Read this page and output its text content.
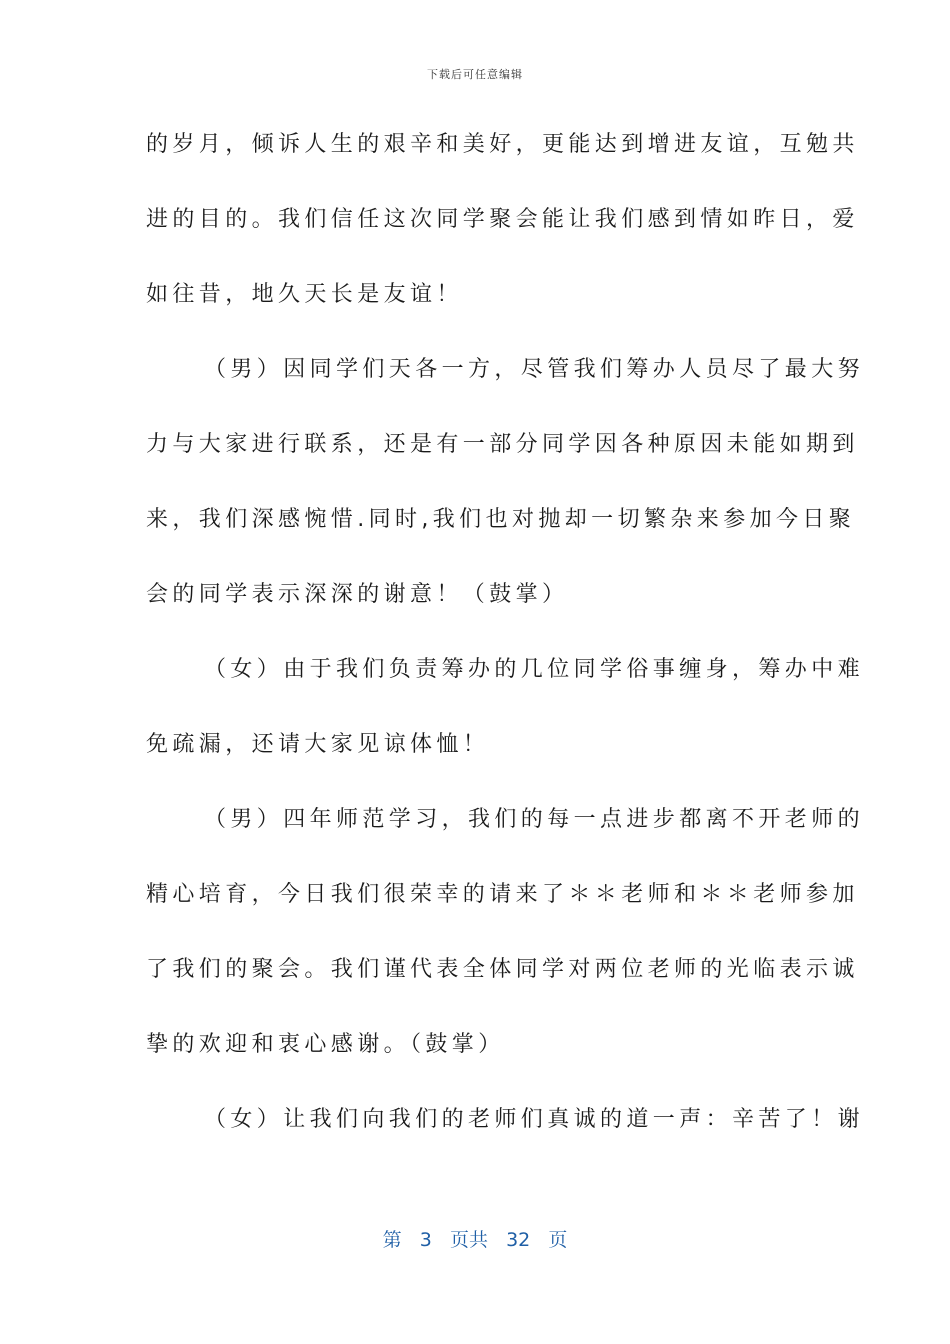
下载后可任意编辑
的岁月，倾诉人生的艰辛和美好，更能达到增进友谊，互勉共
进的目的。我们信任这次同学聚会能让我们感到情如昨日，爱
如往昔，地久天长是友谊！
（男）因同学们天各一方，尽管我们筹办人员尽了最大努
力与大家进行联系，还是有一部分同学因各种原因未能如期到
来，我们深感惋惜.同时,我们也对抛却一切繁杂来参加今日聚
会的同学表示深深的谢意！（鼓掌）
（女）由于我们负责筹办的几位同学俗事缠身，筹办中难
免疏漏，还请大家见谅体恤！
（男）四年师范学习，我们的每一点进步都离不开老师的
精心培育，今日我们很荣幸的请来了＊＊老师和＊＊老师参加
了我们的聚会。我们谨代表全体同学对两位老师的光临表示诚
挚的欢迎和衷心感谢。（鼓掌）
（女）让我们向我们的老师们真诚的道一声：辛苦了！谢
第 3 页共 32 页
